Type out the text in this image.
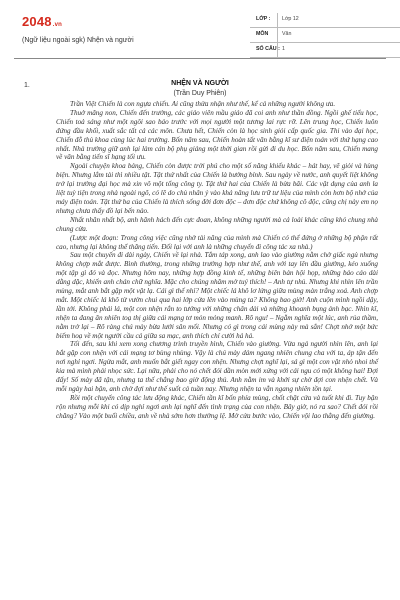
2048.vn
(Ngữ liệu ngoài sgk) Nhện và người
LỚP : Lớp 12
MÔN	Văn
SỐ CÂU : 1
1.	NHỆN VÀ NGƯỜI
(Trần Duy Phiên)

Trần Việt Chiến là con ngựa chiến. Ai cũng thừa nhận như thế, kể cả những người không ưa.

Thuở mãng non, Chiến đến trường, các giáo viên mầu giáo đã coi anh như thần đồng. Ngồi ghế tiểu học, Chiến toả sáng như một ngôi sao báo trước với mọi người một tương lai rực rỡ. Lên trung học, Chiến luôn đứng đầu khối, xuất sắc tất cả các môn. Chưa hết, Chiến còn là học sinh giỏi cấp quốc gia. Thi vào đại học, Chiến đỗ thủ khoa cùng lúc hai trường. Bốn năm sau, Chiến hoàn tất văn bằng kĩ sư điện toán với thứ hạng cao nhất. Nhà trường giữ anh lại làm cán bộ phụ giảng một thời gian rồi gửi đi du học. Bốn năm sau, Chiến mang về văn bằng tiến sĩ hạng tối ưu.

Ngoài chuyện khoa bảng, Chiến còn được trời phú cho một số năng khiếu khác – hát hay, vẽ giỏi và hùng biện. Nhưng lắm tài thì nhiều tật. Tật thứ nhất của Chiến là bướng bỉnh. Sau ngày về nước, anh quyết liệt không trở lại trường đại học mà xin vô một tổng công ty. Tật thứ hai của Chiến là bừa bãi. Các vật dụng của anh la liệt tuỳ tiện trong nhà ngoài ngõ, có lẽ do chủ nhân ỷ vào khả năng lưu trữ tư liệu của mình còn hơn bộ nhớ của máy điện toán. Tật thứ ba của Chiến là thích sống đời đơn độc – đơn độc chứ không cô độc, cũng chị này em nọ nhưng chưa thấy đồ lại bến nào.

Nhất nhân nhất bộ, anh hãnh hách đến cực đoan, không những người mà cả loài khác cũng khó chung nhà chung cửa.

(Lược một đoạn: Trong công việc cũng nhờ tài năng của mình mà Chiến có thể đứng ở những bộ phận rất cao, nhưng lại không thể thăng tiến. Đối lại với anh là những chuyến đi công tác xa nhà.)

Sau một chuyến đi dài ngày, Chiến về lại nhà. Tắm táp xong, anh lao vào giường nằm chờ giấc ngủ nhưng không chợp mắt được. Bình thường, trong những trường hợp như thế, anh với tay lên đầu giường, kéo xuống một tập gì đó và đọc. Nhưng hôm nay, những hợp đồng kinh tế, những biên bản hội họp, những báo cáo dài dằng dặc, khiến anh chán chữ nghĩa. Mặc cho chúng nhăm mở tuý thích! – Anh tự nhủ. Nhưng khi nhìn lên trần mùng, mắt anh bắt gặp một vật lạ. Cái gì thế nhỉ? Một chiếc lá khô lơ lửng giữa mùng màn trắng xoá. Anh chợp mắt. Một chiếc lá khô từ vườn chui qua hai lớp cửa lên vào mùng ta? Không bao giờ! Anh cuộn mình ngồi dậy, lần tới. Không phải lá, một con nhện rắn to tướng với những chân dài và những khoanh bụng ảnh bạc. Nhìn kĩ, nhện ta đang ăn nhiên toạ thị giữa cái mạng tơ mỏn mỏng manh. Rõ ngu! – Ngẫm nghĩa một lúc, anh rủa thầm, nằm trở lại – Rõ ràng chú mày bừa lưới sân mối. Nhưng có gì trong cái mùng này mà sắn! Chợt nhớ một bức biếm hoạ về một người cầu cá giữa sa mạc, anh thích chí cười hả hả.

Tối đến, sau khi xem xong chương trình truyền hình, Chiến vào giường. Vừa ngả người nhìn lên, anh lại bắt gặp con nhện với cái mạng tơ bùng nhùng. Vậy là chú mày dám ngang nhiên chung cha với ta, áp tận đến nơi nghỉ ngơi. Ngừa mắt, anh muốn bắt giết ngay con nhện. Nhưng chợt nghĩ lại, sá gì một con vật nhỏ nhoi thế kia mà mình phải nhọc sức. Lại nữa, phải cho nó chết đói dần mòn mới xứng với cái ngu có một không hai! Đợi đấy! Số mày đã tận, nhưng ta thế chẳng bao giờ động thủ. Anh nằm im và khởi sự chờ đợi con nhện chết. Và mỗi ngày hai bận, anh chờ đợi như thế suốt cả tuần nay. Nhưng nhện ta vẫn ngang nhiên tồn tại.

Rồi một chuyến công tác lưu động khác, Chiến tần kĩ bốn phía mùng, chốt chặt cửa và tuốt khi đi. Tuy bận rộn nhưng mỗi khi có dịp nghỉ ngơi anh lại nghĩ đến tình trạng của con nhện. Bây giờ, nó ra sao? Chết đói rồi chăng? Vào một buổi chiều, anh về nhà sớm hơn thường lệ. Mở cửa bước vào, Chiến vội lao thẳng đến giường.
